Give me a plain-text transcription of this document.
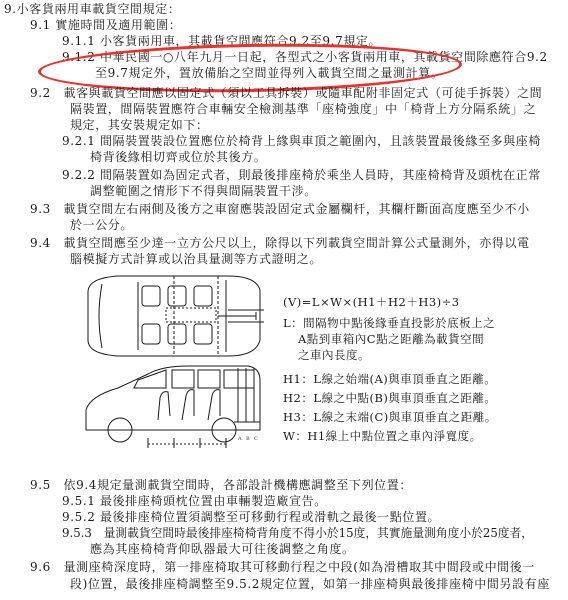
9.小客貨兩用車載貨空間規定：
9.1 實施時間及適用範圍：
9.1.1 小客貨兩用車，其載貨空間應符合9.2至9.7規定。
9.1.2 中華民國一○八年九月一日起，各型式之小客貨兩用車，其載貨空間除應符合9.2
至9.7規定外，置放備胎之空間並得列入載貨空間之量測計算。
9.2　載客與載貨空間應以固定式（須以工具拆裝）或隨車配附非固定式（可徒手拆裝）之間
隔裝置，間隔裝置應符合車輛安全檢測基準「座椅強度」中「椅背上方分隔系統」之
規定，其安裝規定如下：
9.2.1 間隔裝置裝設位置應位於椅背上緣與車頂之範圍內，且該裝置最後緣至多與座椅
椅背後緣相切齊或位於其後方。
9.2.2 間隔裝置如為固定式者，則最後排座椅於乘坐人員時，其座椅椅背及頭枕在正常
調整範圍之情形下不得與間隔裝置干涉。
9.3　載貨空間左右兩側及後方之車窗應裝設固定式金屬欄杆，其欄杆斷面高度應至少不小
於一公分。
9.4　載貨空間應至少達一立方公尺以上，除得以下列載貨空間計算公式量測外，亦得以電
腦模擬方式計算或以治具量測等方式證明之。
A B C
(V)=L×W×(H1＋H2＋H3)÷3
L：間隔物中點後緣垂直投影於底板上之
A點到車箱內C點之距離為載貨空間
之車內長度。
H1：L線之始端(A)與車頂垂直之距離。
H2：L線之中點(B)與車頂垂直之距離。
H3：L線之末端(C)與車頂垂直之距離。
W：H1線上中點位置之車內淨寬度。
9.5　依9.4規定量測載貨空間時，各部設計機構應調整至下列位置：
9.5.1 最後排座椅頭枕位置由車輛製造廠宣告。
9.5.2 最後排座椅位置須調整至可移動行程或滑軌之最後一點位置。
9.5.3　量測載貨空間時最後排座椅椅背角度不得小於15度，其實施量測角度小於25度者，
應為其座椅椅背仰臥器最大可往後調整之角度。
9.6　量測座椅深度時，第一排座椅取其可移動行程之中段(如為滑槽取其中間段或中間後一
段)位置，最後排座椅調整至9.5.2規定位置，如第一排座椅與最後排座椅中間另設有座
